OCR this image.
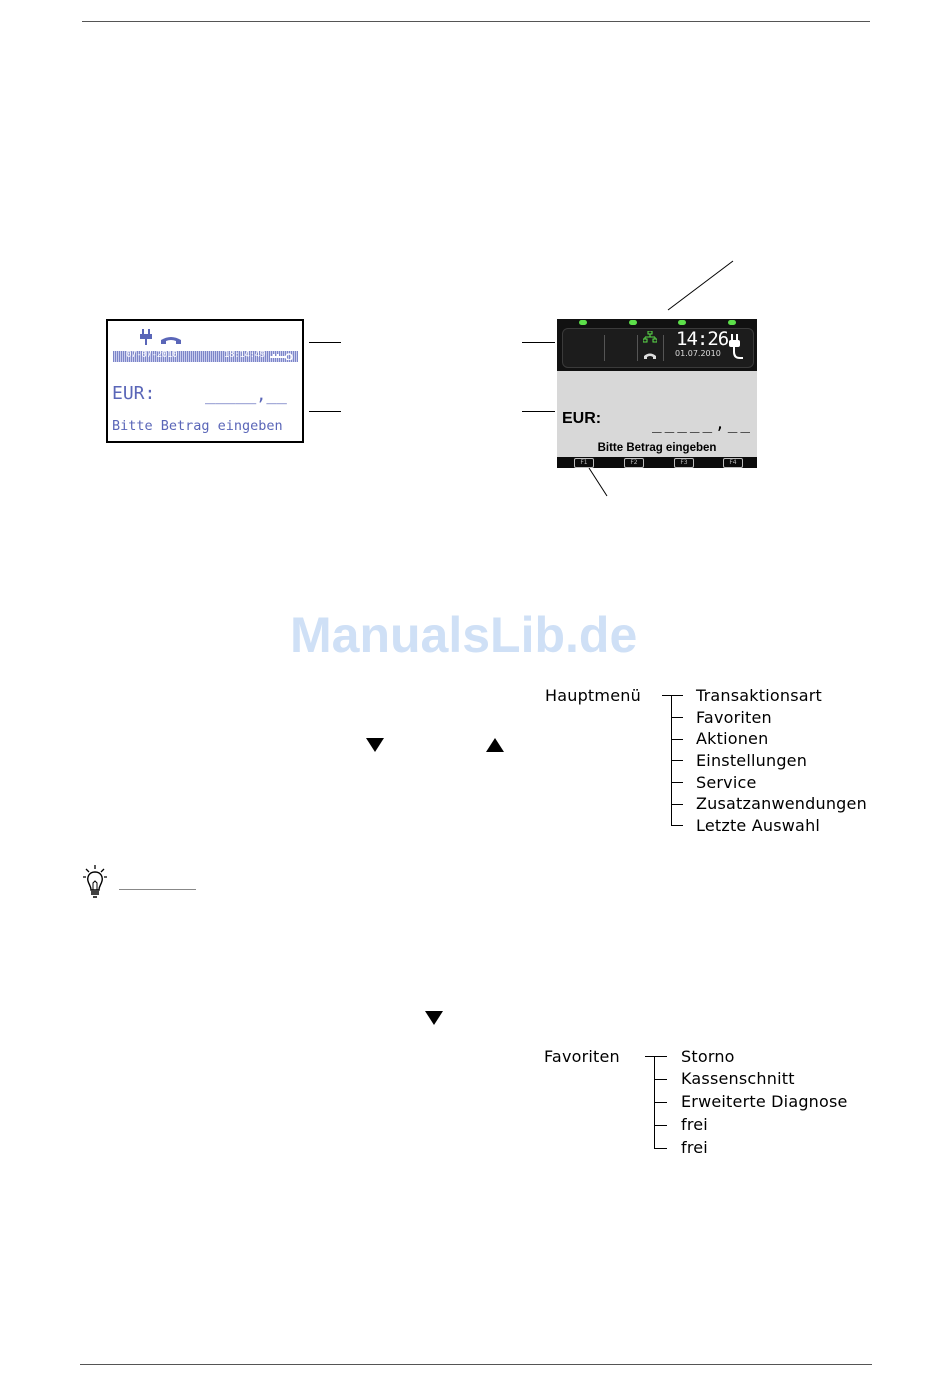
07-07-2010	18:14:49
EUR:	_____,__
Bitte Betrag eingeben
14:26
01.07.2010
EUR:	_____,__
Bitte Betrag eingeben
F1	F2	F3	F4
ManualsLib.de
Hauptmenü	Transaktionsart
Favoriten
Aktionen
Einstellungen
Service
Zusatzanwendungen
Letzte Auswahl
Favoriten	Storno
Kassenschnitt
Erweiterte Diagnose
frei
frei
